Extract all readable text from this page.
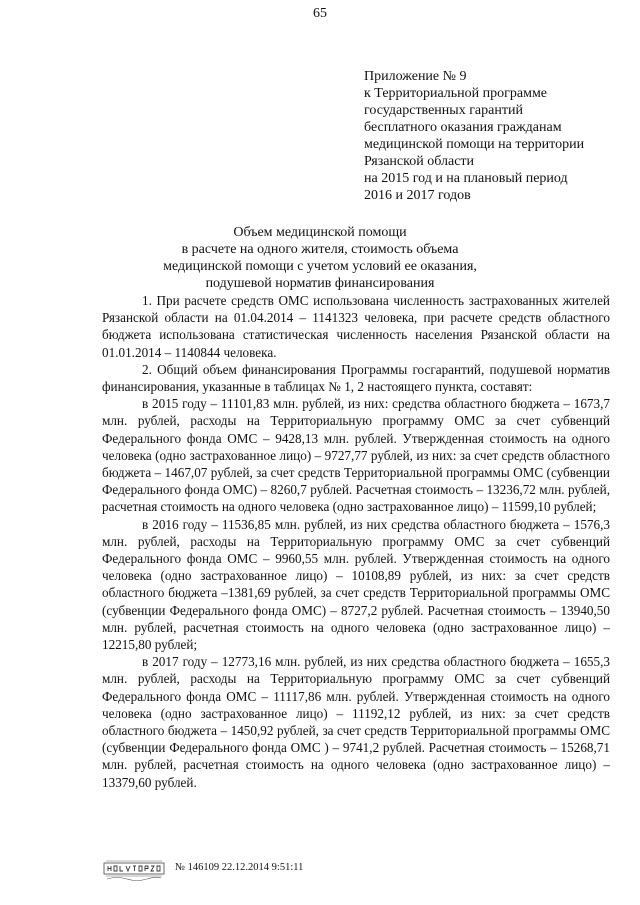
65
Приложение № 9
к Территориальной программе
государственных гарантий
бесплатного оказания гражданам
медицинской помощи на территории
Рязанской области
на 2015 год и на плановый период
2016 и 2017 годов
Объем медицинской помощи
в расчете на одного жителя, стоимость объема
медицинской помощи с учетом условий ее оказания,
подушевой норматив финансирования

1. При расчете средств ОМС использована численность застрахованных жителей Рязанской области на 01.04.2014 – 1141323 человека, при расчете средств областного бюджета использована статистическая численность населения Рязанской области на 01.01.2014 – 1140844 человека.

2. Общий объем финансирования Программы госгарантий, подушевой норматив финансирования, указанные в таблицах № 1, 2 настоящего пункта, составят:

в 2015 году – 11101,83 млн. рублей, из них: средства областного бюджета – 1673,7 млн. рублей, расходы на Территориальную программу ОМС за счет субвенций Федерального фонда ОМС – 9428,13 млн. рублей. Утвержденная стоимость на одного человека (одно застрахованное лицо) – 9727,77 рублей, из них: за счет средств областного бюджета – 1467,07 рублей, за счет средств Территориальной программы ОМС (субвенции Федерального фонда ОМС) – 8260,7 рублей. Расчетная стоимость – 13236,72 млн. рублей, расчетная стоимость на одного человека (одно застрахованное лицо) – 11599,10 рублей;

в 2016 году – 11536,85 млн. рублей, из них средства областного бюджета – 1576,3 млн. рублей, расходы на Территориальную программу ОМС за счет субвенций Федерального фонда ОМС – 9960,55 млн. рублей. Утвержденная стоимость на одного человека (одно застрахованное лицо) – 10108,89 рублей, из них: за счет средств областного бюджета –1381,69 рублей, за счет средств Территориальной программы ОМС (субвенции Федерального фонда ОМС) – 8727,2 рублей. Расчетная стоимость – 13940,50 млн. рублей, расчетная стоимость на одного человека (одно застрахованное лицо) – 12215,80 рублей;

в 2017 году – 12773,16 млн. рублей, из них средства областного бюджета – 1655,3 млн. рублей, расходы на Территориальную программу ОМС за счет субвенций Федерального фонда ОМС – 11117,86 млн. рублей. Утвержденная стоимость на одного человека (одно застрахованное лицо) – 11192,12 рублей, из них: за счет средств областного бюджета – 1450,92 рублей, за счет средств Территориальной программы ОМС (субвенции Федерального фонда ОМС ) – 9741,2 рублей. Расчетная стоимость – 15268,71 млн. рублей, расчетная стоимость на одного человека (одно застрахованное лицо) – 13379,60 рублей.

№ 146109 22.12.2014 9:51:11
